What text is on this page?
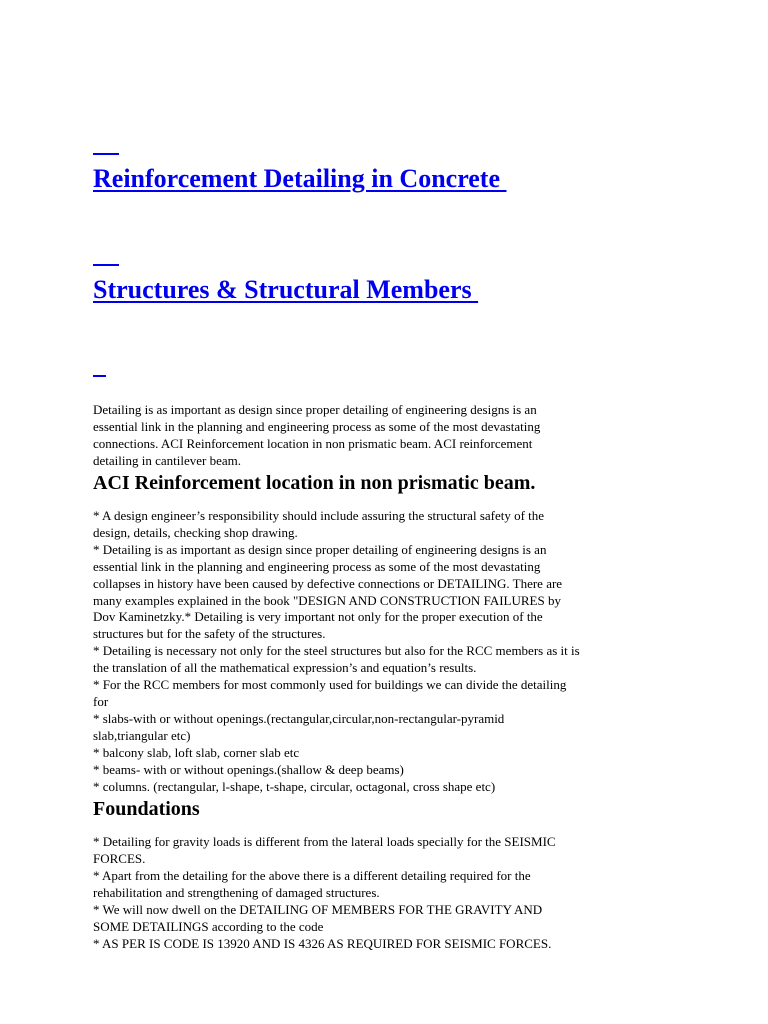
Reinforcement Detailing in Concrete

Structures & Structural Members

Detailing is as important as design since proper detailing of engineering designs is an
essential link in the planning and engineering process as some of the most devastating
connections. ACI Reinforcement location in non prismatic beam. ACI reinforcement
detailing in cantilever beam.

ACI Reinforcement location in non prismatic beam.

* A design engineer’s responsibility should include assuring the structural safety of the
design, details, checking shop drawing.
* Detailing is as important as design since proper detailing of engineering designs is an
essential link in the planning and engineering process as some of the most devastating
collapses in history have been caused by defective connections or DETAILING. There are
many examples explained in the book "DESIGN AND CONSTRUCTION FAILURES by
Dov Kaminetzky.* Detailing is very important not only for the proper execution of the
structures but for the safety of the structures.
* Detailing is necessary not only for the steel structures but also for the RCC members as it is
the translation of all the mathematical expression’s and equation’s results.
* For the RCC members for most commonly used for buildings we can divide the detailing
for
* slabs-with or without openings.(rectangular,circular,non-rectangular-pyramid
slab,triangular etc)
* balcony slab, loft slab, corner slab etc
* beams- with or without openings.(shallow & deep beams)
* columns. (rectangular, l-shape, t-shape, circular, octagonal, cross shape etc)

Foundations

* Detailing for gravity loads is different from the lateral loads specially for the SEISMIC
FORCES.
* Apart from the detailing for the above there is a different detailing required for the
rehabilitation and strengthening of damaged structures.
* We will now dwell on the DETAILING OF MEMBERS FOR THE GRAVITY AND
SOME DETAILINGS according to the code
* AS PER IS CODE IS 13920 AND IS 4326 AS REQUIRED FOR SEISMIC FORCES.
